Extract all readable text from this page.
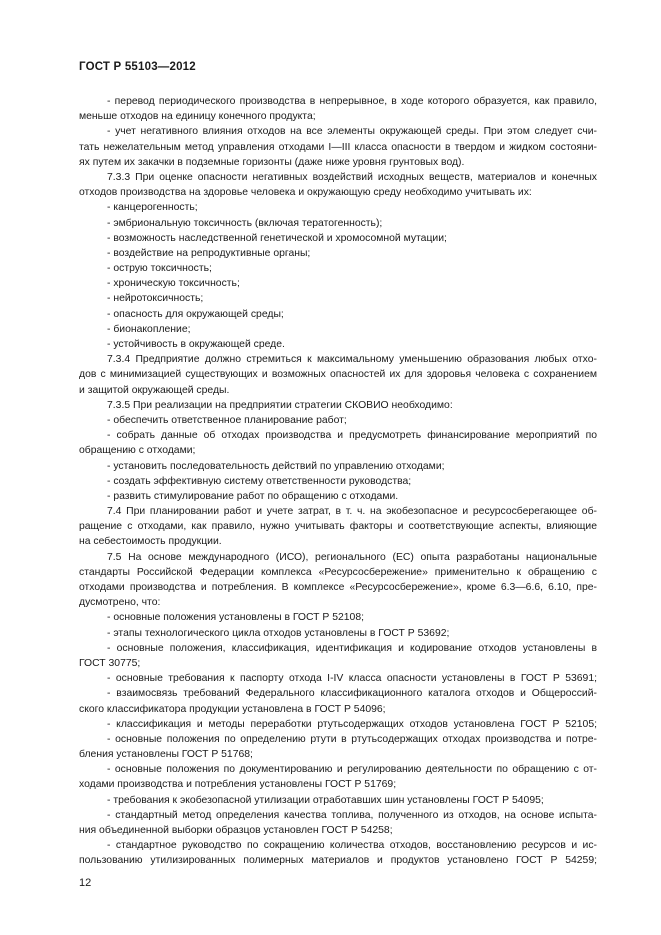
ГОСТ Р 55103—2012
- перевод периодического производства в непрерывное, в ходе которого образуется, как правило,
меньше отходов на единицу конечного продукта;
- учет негативного влияния отходов на все элементы окружающей среды. При этом следует счи-
тать нежелательным метод управления отходами I—III класса опасности в твердом и жидком состояни-
ях путем их закачки в подземные горизонты (даже ниже уровня грунтовых вод).
7.3.3 При оценке опасности негативных воздействий исходных веществ, материалов и конечных
отходов производства на здоровье человека и окружающую среду необходимо учитывать их:
- канцерогенность;
- эмбриональную токсичность (включая тератогенность);
- возможность наследственной генетической и хромосомной мутации;
- воздействие на репродуктивные органы;
- острую токсичность;
- хроническую токсичность;
- нейротоксичность;
- опасность для окружающей среды;
- бионакопление;
- устойчивость в окружающей среде.
7.3.4 Предприятие должно стремиться к максимальному уменьшению образования любых отхо-
дов с минимизацией существующих и возможных опасностей их для здоровья человека с сохранением
и защитой окружающей среды.
7.3.5 При реализации на предприятии стратегии СКОВИО необходимо:
- обеспечить ответственное планирование работ;
- собрать данные об отходах производства и предусмотреть финансирование мероприятий по
обращению с отходами;
- установить последовательность действий по управлению отходами;
- создать эффективную систему ответственности руководства;
- развить стимулирование работ по обращению с отходами.
7.4 При планировании работ и учете затрат, в т. ч. на экобезопасное и ресурсосберегающее об-
ращение с отходами, как правило, нужно учитывать факторы и соответствующие аспекты, влияющие
на себестоимость продукции.
7.5 На основе международного (ИСО), регионального (ЕС) опыта разработаны национальные
стандарты Российской Федерации комплекса «Ресурсосбережение» применительно к обращению с
отходами производства и потребления. В комплексе «Ресурсосбережение», кроме 6.3—6.6, 6.10, пре-
дусмотрено, что:
- основные положения установлены в ГОСТ Р 52108;
- этапы технологического цикла отходов установлены в ГОСТ Р 53692;
- основные положения, классификация, идентификация и кодирование отходов установлены в
ГОСТ 30775;
- основные требования к паспорту отхода I-IV класса опасности установлены в ГОСТ Р 53691;
- взаимосвязь требований Федерального классификационного каталога отходов и Общероссий-
ского классификатора продукции установлена в ГОСТ Р 54096;
- классификация и методы переработки ртутьсодержащих отходов установлена ГОСТ Р 52105;
- основные положения по определению ртути в ртутьсодержащих отходах производства и потре-
бления установлены ГОСТ Р 51768;
- основные положения по документированию и регулированию деятельности по обращению с от-
ходами производства и потребления установлены ГОСТ Р 51769;
- требования к экобезопасной утилизации отработавших шин установлены ГОСТ Р 54095;
- стандартный метод определения качества топлива, полученного из отходов, на основе испыта-
ния объединенной выборки образцов установлен ГОСТ Р 54258;
- стандартное руководство по сокращению количества отходов, восстановлению ресурсов и ис-
пользованию утилизированных полимерных материалов и продуктов установлено ГОСТ Р 54259;
12
